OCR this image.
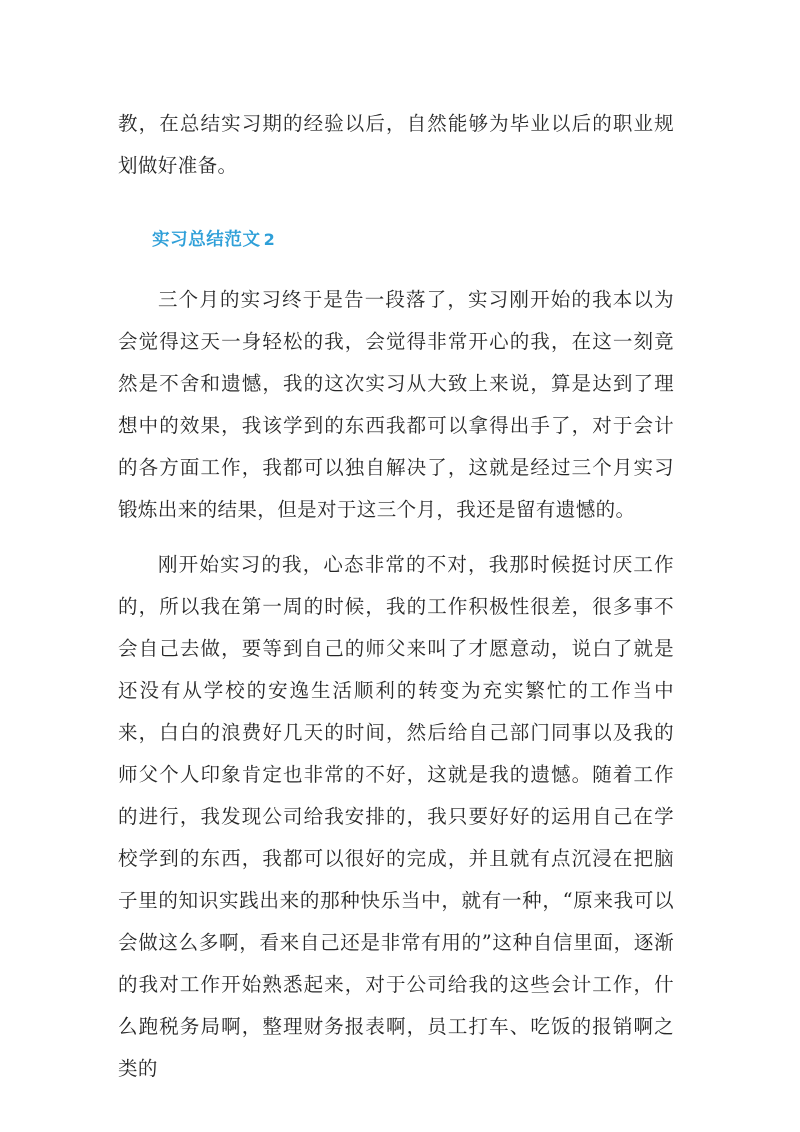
教，在总结实习期的经验以后，自然能够为毕业以后的职业规划做好准备。

实习总结范文 2

三个月的实习终于是告一段落了，实习刚开始的我本以为会觉得这天一身轻松的我，会觉得非常开心的我，在这一刻竟然是不舍和遗憾，我的这次实习从大致上来说，算是达到了理想中的效果，我该学到的东西我都可以拿得出手了，对于会计的各方面工作，我都可以独自解决了，这就是经过三个月实习锻炼出来的结果，但是对于这三个月，我还是留有遗憾的。

刚开始实习的我，心态非常的不对，我那时候挺讨厌工作的，所以我在第一周的时候，我的工作积极性很差，很多事不会自己去做，要等到自己的师父来叫了才愿意动，说白了就是还没有从学校的安逸生活顺利的转变为充实繁忙的工作当中来，白白的浪费好几天的时间，然后给自己部门同事以及我的师父个人印象肯定也非常的不好，这就是我的遗憾。随着工作的进行，我发现公司给我安排的，我只要好好的运用自己在学校学到的东西，我都可以很好的完成，并且就有点沉浸在把脑子里的知识实践出来的那种快乐当中，就有一种，“原来我可以会做这么多啊，看来自己还是非常有用的”这种自信里面，逐渐的我对工作开始熟悉起来，对于公司给我的这些会计工作，什么跑税务局啊，整理财务报表啊，员工打车、吃饭的报销啊之类的
